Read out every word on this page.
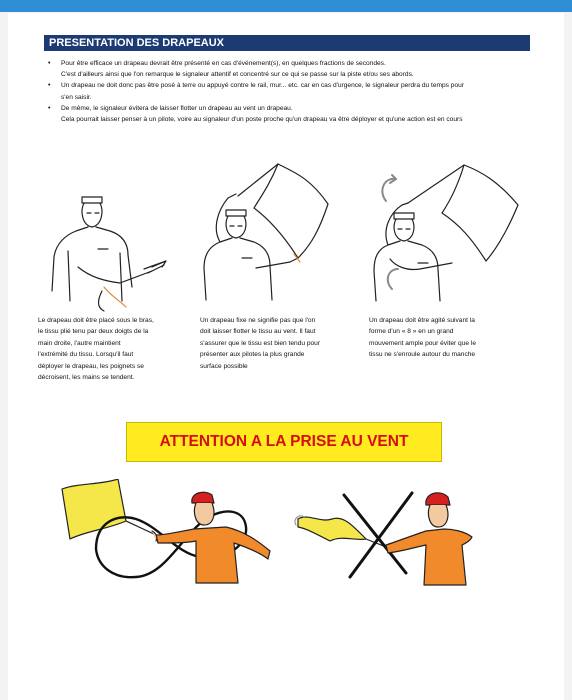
PRESENTATION DES DRAPEAUX
• Pour être efficace un drapeau devrait être présenté en cas d'événement(s), en quelques fractions de secondes.
C'est d'ailleurs ainsi que l'on remarque le signaleur attentif et concentré sur ce qui se passe sur la piste et/ou ses abords.
• Un drapeau ne doit donc pas être posé à terre ou appuyé contre le rail, mur... etc. car en cas d'urgence, le signaleur perdra du temps pour
s'en saisir.
• De même, le signaleur évitera de laisser flotter un drapeau au vent un drapeau.
Cela pourrait laisser penser à un pilote, voire au signaleur d'un poste proche qu'un drapeau va être déployer et qu'une action est en cours
Le drapeau doit être placé sous le bras,
le tissu plié tenu par deux doigts de la
main droite, l'autre maintient
l'extrémité du tissu. Lorsqu'il faut
déployer le drapeau, les poignets se
décroisent, les mains se tendent.
Un drapeau fixe ne signifie pas que l'on
doit laisser flotter le tissu au vent. Il faut
s'assurer que le tissu est bien tendu pour
présenter aux pilotes la plus grande
surface possible
Un drapeau doit être agité suivant la
forme d'un « 8 » en un grand
mouvement ample pour éviter que le
tissu ne s'enroule autour du manche
ATTENTION A LA PRISE AU VENT
